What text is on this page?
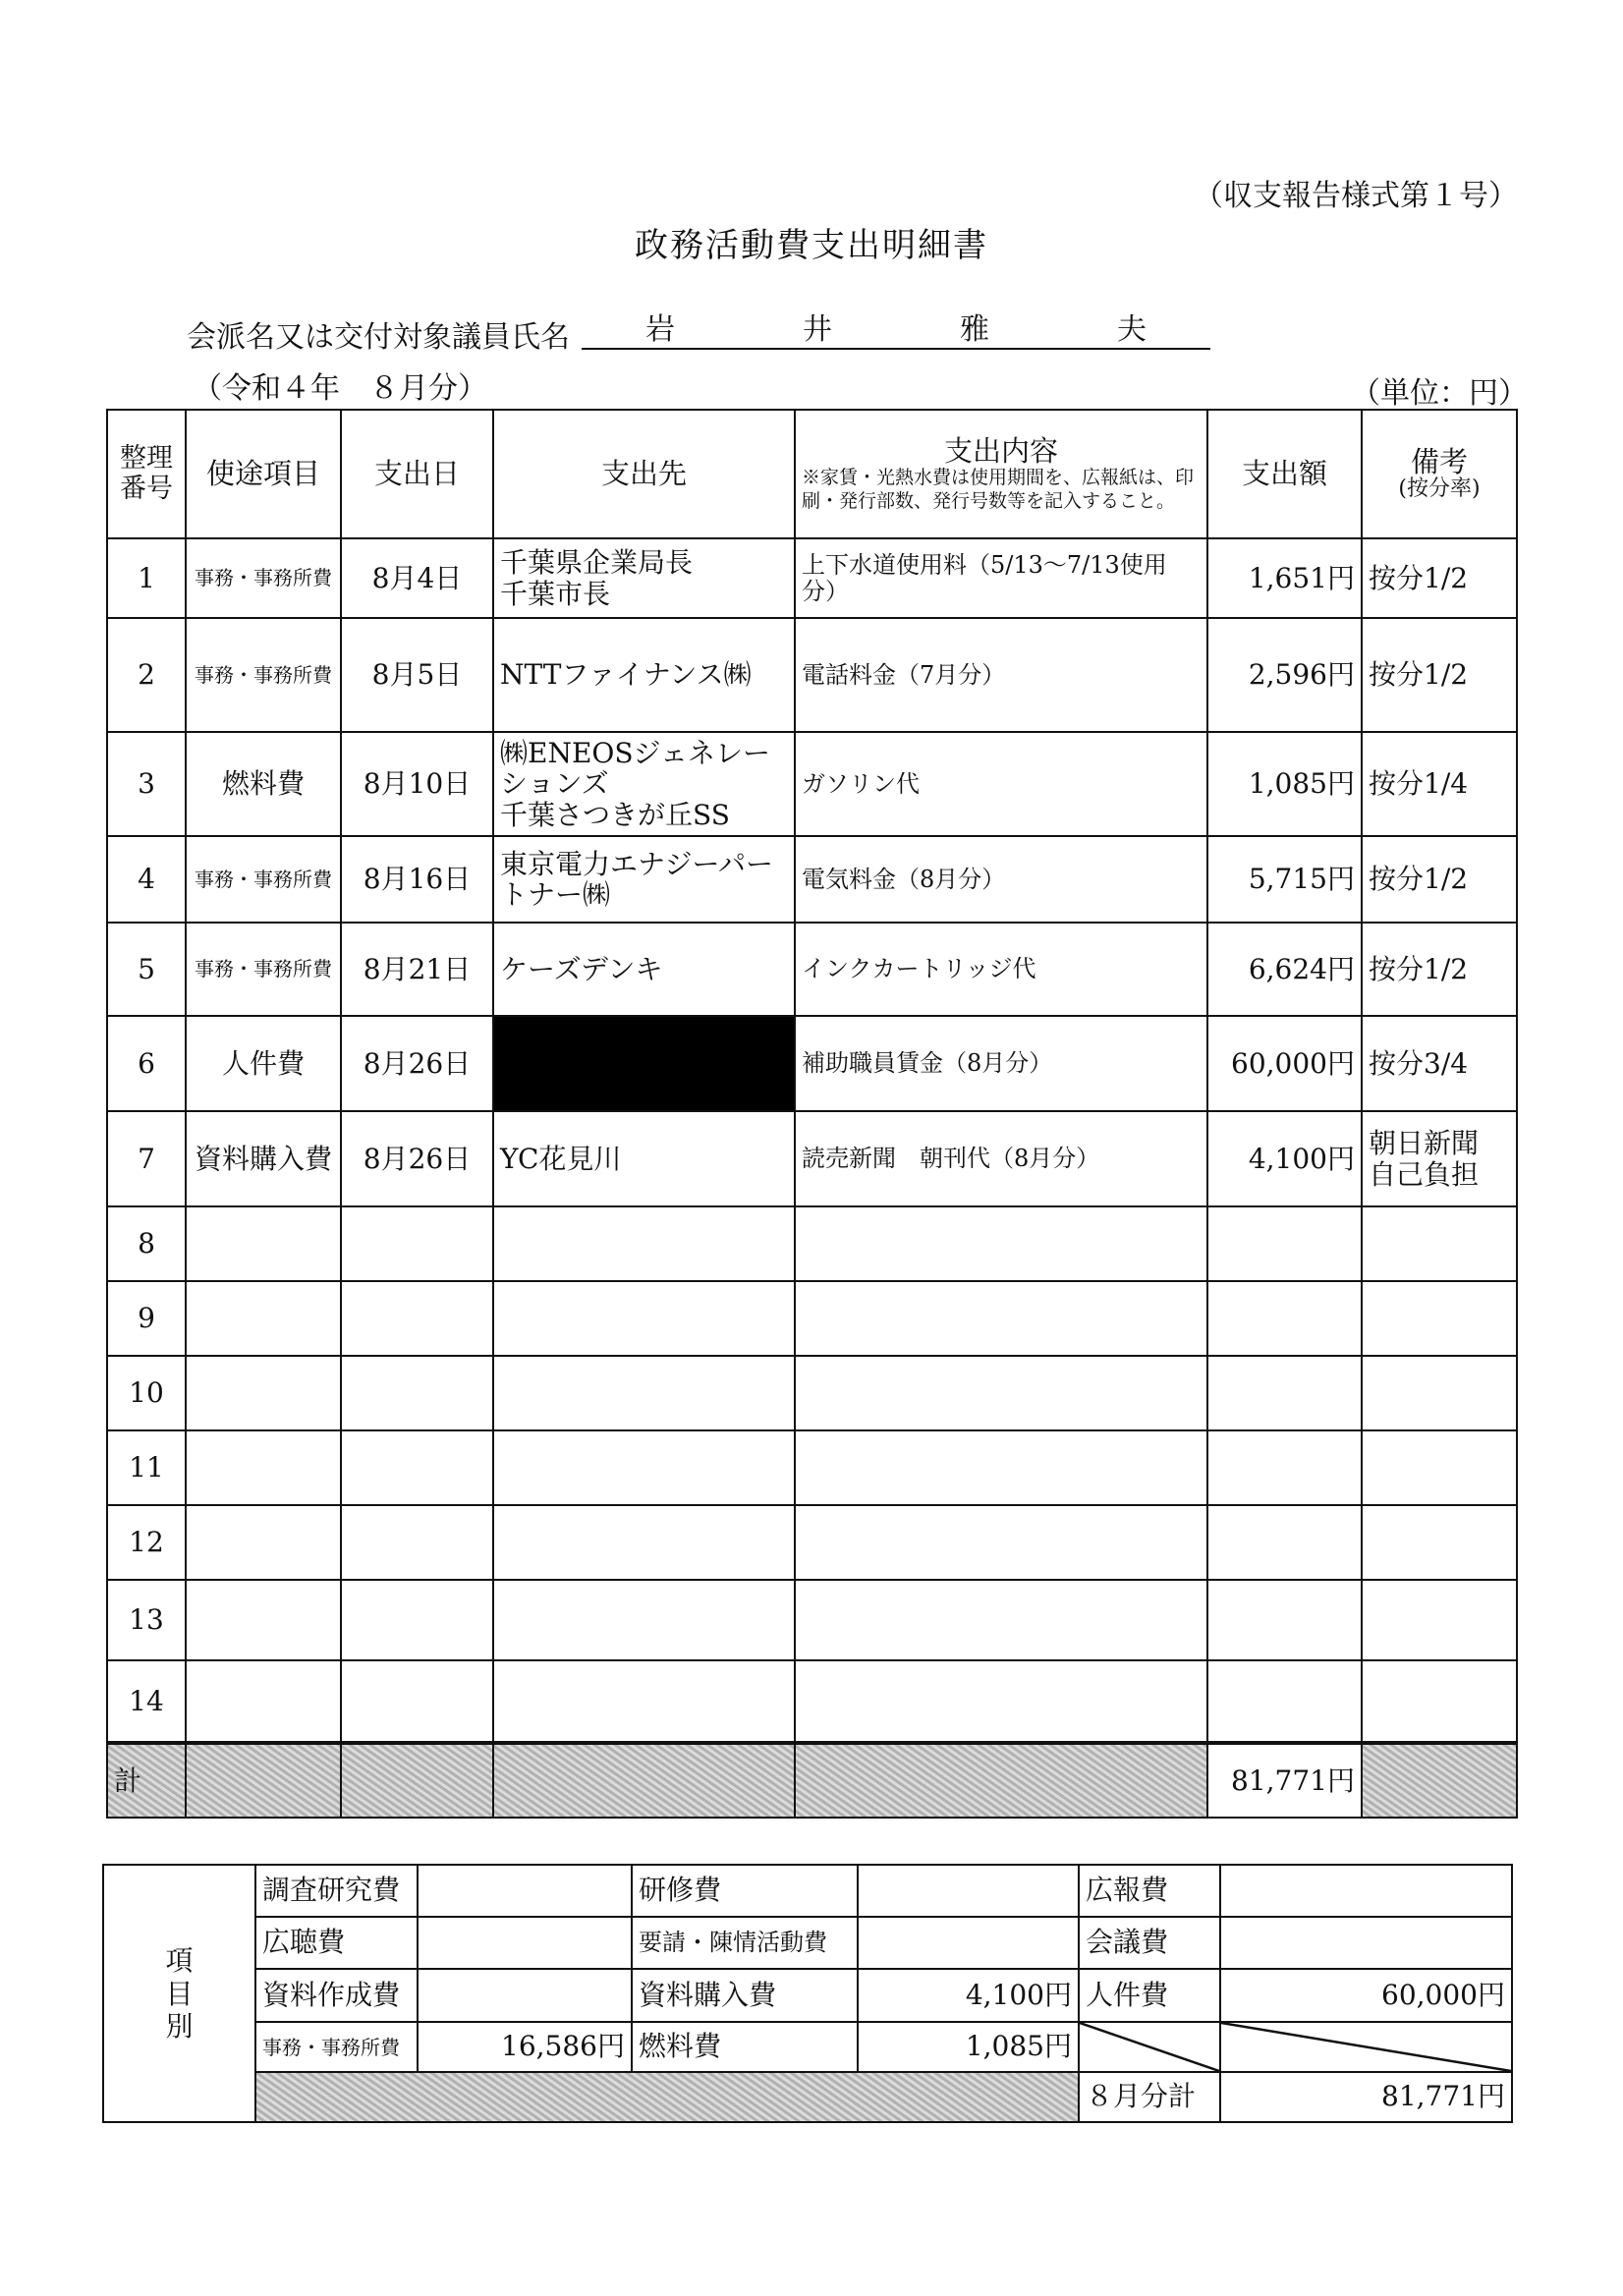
（収支報告様式第１号）
政務活動費支出明細書
会派名又は交付対象議員氏名	岩	井	雅	夫
（令和４年　８月分）	（単位：円）
整理番号	使途項目	支出日	支出先	支出内容
※家賃・光熱水費は使用期間を、広報紙は、印刷・発行部数、発行号数等を記入すること。	支出額	備考
(按分率)

1	事務・事務所費	8月4日	千葉県企業局長
千葉市長	上下水道使用料（5/13～7/13使用分）	1,651円	按分1/2
2	事務・事務所費	8月5日	NTTファイナンス㈱	電話料金（7月分）	2,596円	按分1/2
3	燃料費	8月10日	㈱ENEOSジェネレーションズ
千葉さつきが丘SS	ガソリン代	1,085円	按分1/4
4	事務・事務所費	8月16日	東京電力エナジーパートナー㈱	電気料金（8月分）	5,715円	按分1/2
5	事務・事務所費	8月21日	ケーズデンキ	インクカートリッジ代	6,624円	按分1/2
6	人件費	8月26日		補助職員賃金（8月分）	60,000円	按分3/4
7	資料購入費	8月26日	YC花見川	読売新聞　朝刊代（8月分）	4,100円	朝日新聞
自己負担
8						
9						
10						
11						
12						
13						
14						
計					81,771円	
項
目
別	調査研究費		研修費		広報費	
	広聴費		要請・陳情活動費		会議費	
	資料作成費		資料購入費	4,100円	人件費	60,000円
	事務・事務所費	16,586円	燃料費	1,085円		
					８月分計	81,771円
